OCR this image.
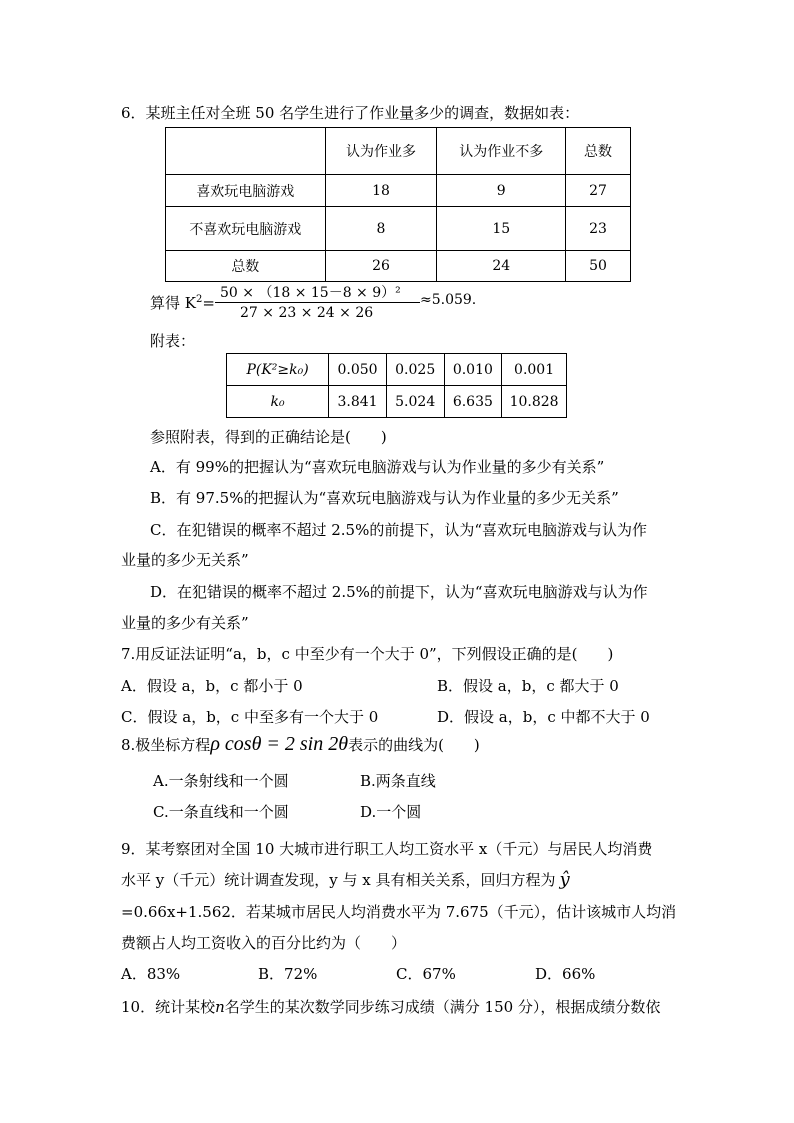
6．某班主任对全班 50 名学生进行了作业量多少的调查，数据如表：
	认为作业多	认为作业不多	总数
喜欢玩电脑游戏	18	9	27
不喜欢玩电脑游戏	8	15	23
总数	26	24	50
算得 $K^2=$
50 × （18 × 15－8 × 9）²
27 × 23 × 24 × 26
≈5.059.
附表：
P(K²≥k₀)	0.050	0.025	0.010	0.001
k₀	3.841	5.024	6.635	10.828
参照附表，得到的正确结论是(　　)
A．有 99%的把握认为“喜欢玩电脑游戏与认为作业量的多少有关系”
B．有 97.5%的把握认为“喜欢玩电脑游戏与认为作业量的多少无关系”
C．在犯错误的概率不超过 2.5%的前提下，认为“喜欢玩电脑游戏与认为作
业量的多少无关系”
D．在犯错误的概率不超过 2.5%的前提下，认为“喜欢玩电脑游戏与认为作
业量的多少有关系”
7.用反证法证明“a，b，c 中至少有一个大于 0”，下列假设正确的是(　　)
A．假设 a，b，c 都小于 0	B．假设 a，b，c 都大于 0
C．假设 a，b，c 中至多有一个大于 0	D．假设 a，b，c 中都不大于 0
8.极坐标方程ρ cosθ = 2 sin 2θ表示的曲线为(　　)
A.一条射线和一个圆	B.两条直线
C.一条直线和一个圆	D.一个圆
9．某考察团对全国 10 大城市进行职工人均工资水平 x（千元）与居民人均消费
水平 y（千元）统计调查发现，y 与 x 具有相关关系，回归方程为 ŷ
=0.66x+1.562．若某城市居民人均消费水平为 7.675（千元），估计该城市人均消
费额占人均工资收入的百分比约为（　　）
A．83%	B．72%	C．67%	D．66%
10．统计某校n名学生的某次数学同步练习成绩（满分 150 分），根据成绩分数依
